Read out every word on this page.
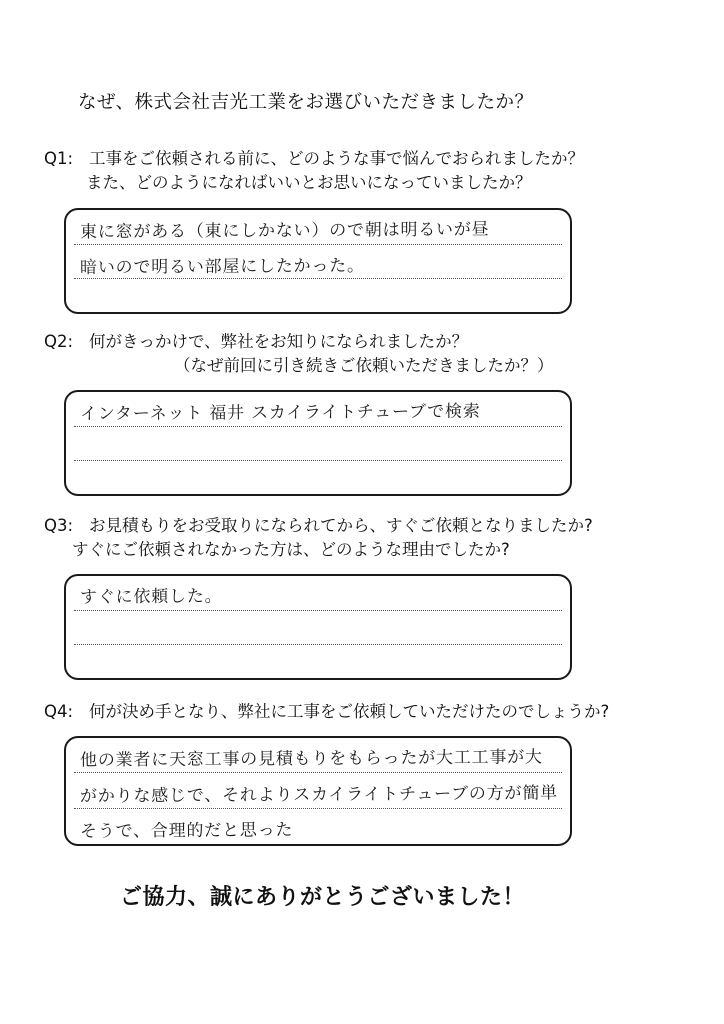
なぜ、株式会社吉光工業をお選びいただきましたか？
Q1: 工事をご依頼される前に、どのような事で悩んでおられましたか？
また、どのようになればいいとお思いになっていましたか？
東に窓がある（東にしかない）ので朝は明るいが昼
暗いので明るい部屋にしたかった。
Q2: 何がきっかけで、弊社をお知りになられましたか？
（なぜ前回に引き続きご依頼いただきましたか？）
インターネット 福井 スカイライトチューブで検索
Q3: お見積もりをお受取りになられてから、すぐご依頼となりましたか?
すぐにご依頼されなかった方は、どのような理由でしたか?
すぐに依頼した。
Q4: 何が決め手となり、弊社に工事をご依頼していただけたのでしょうか?
他の業者に天窓工事の見積もりをもらったが大工工事が大
がかりな感じで、それよりスカイライトチューブの方が簡単
そうで、合理的だと思った
ご協力、誠にありがとうございました！
